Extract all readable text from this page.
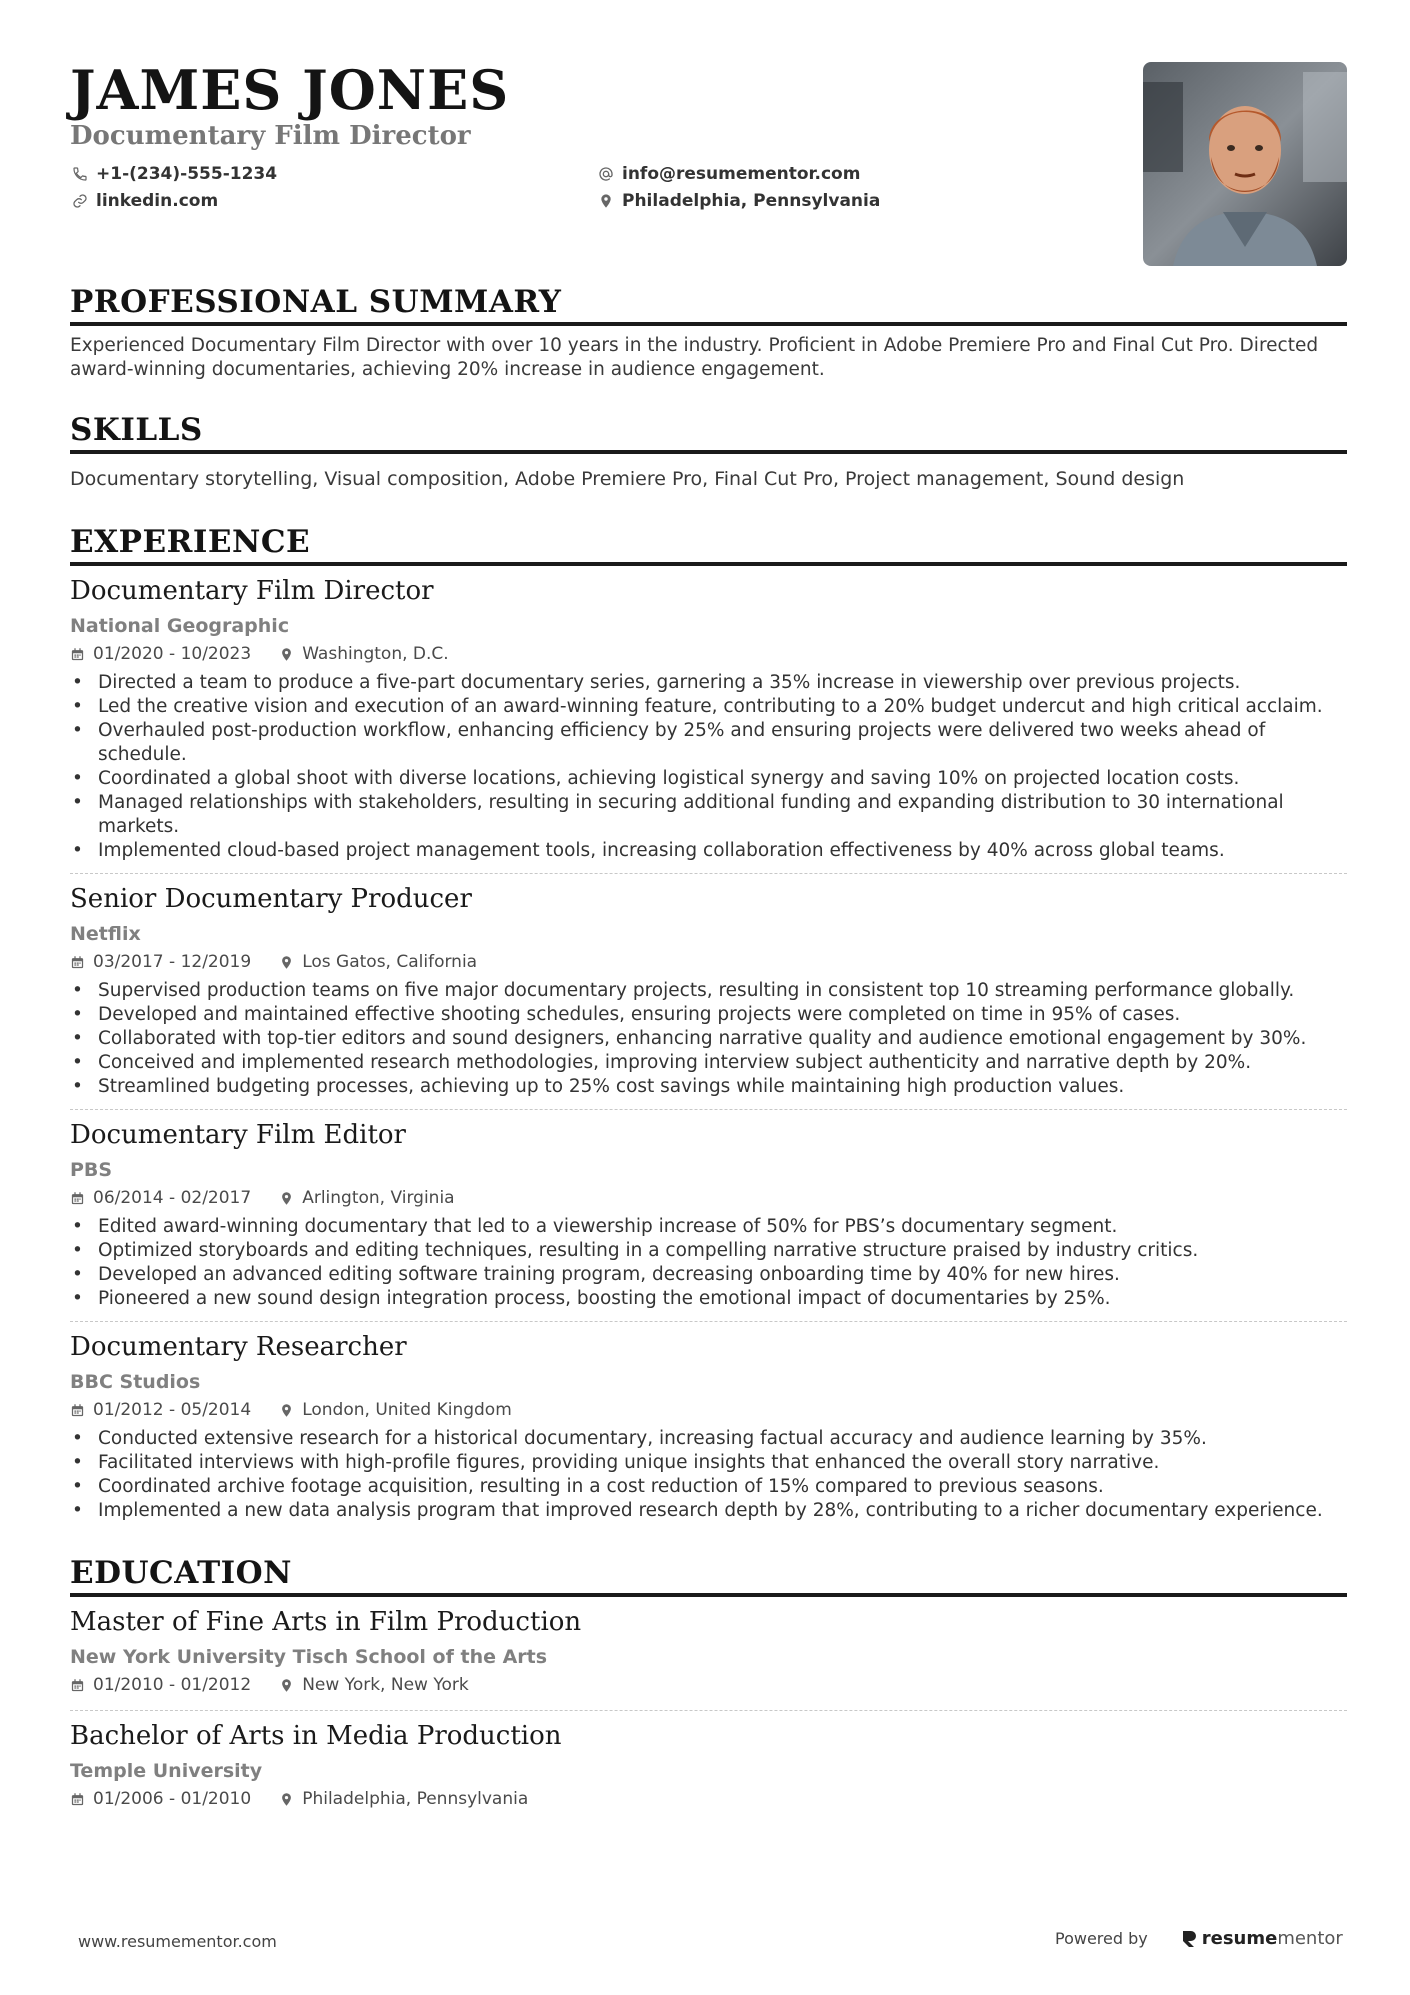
JAMES JONES
Documentary Film Director
+1-(234)-555-1234
linkedin.com
info@resumementor.com
Philadelphia, Pennsylvania
PROFESSIONAL SUMMARY
Experienced Documentary Film Director with over 10 years in the industry. Proficient in Adobe Premiere Pro and Final Cut Pro. Directed award-winning documentaries, achieving 20% increase in audience engagement.
SKILLS
Documentary storytelling, Visual composition, Adobe Premiere Pro, Final Cut Pro, Project management, Sound design
EXPERIENCE
Documentary Film Director
National Geographic
01/2020 - 10/2023	Washington, D.C.
• Directed a team to produce a five-part documentary series, garnering a 35% increase in viewership over previous projects.
• Led the creative vision and execution of an award-winning feature, contributing to a 20% budget undercut and high critical acclaim.
• Overhauled post-production workflow, enhancing efficiency by 25% and ensuring projects were delivered two weeks ahead of schedule.
• Coordinated a global shoot with diverse locations, achieving logistical synergy and saving 10% on projected location costs.
• Managed relationships with stakeholders, resulting in securing additional funding and expanding distribution to 30 international markets.
• Implemented cloud-based project management tools, increasing collaboration effectiveness by 40% across global teams.
Senior Documentary Producer
Netflix
03/2017 - 12/2019	Los Gatos, California
• Supervised production teams on five major documentary projects, resulting in consistent top 10 streaming performance globally.
• Developed and maintained effective shooting schedules, ensuring projects were completed on time in 95% of cases.
• Collaborated with top-tier editors and sound designers, enhancing narrative quality and audience emotional engagement by 30%.
• Conceived and implemented research methodologies, improving interview subject authenticity and narrative depth by 20%.
• Streamlined budgeting processes, achieving up to 25% cost savings while maintaining high production values.
Documentary Film Editor
PBS
06/2014 - 02/2017	Arlington, Virginia
• Edited award-winning documentary that led to a viewership increase of 50% for PBS’s documentary segment.
• Optimized storyboards and editing techniques, resulting in a compelling narrative structure praised by industry critics.
• Developed an advanced editing software training program, decreasing onboarding time by 40% for new hires.
• Pioneered a new sound design integration process, boosting the emotional impact of documentaries by 25%.
Documentary Researcher
BBC Studios
01/2012 - 05/2014	London, United Kingdom
• Conducted extensive research for a historical documentary, increasing factual accuracy and audience learning by 35%.
• Facilitated interviews with high-profile figures, providing unique insights that enhanced the overall story narrative.
• Coordinated archive footage acquisition, resulting in a cost reduction of 15% compared to previous seasons.
• Implemented a new data analysis program that improved research depth by 28%, contributing to a richer documentary experience.
EDUCATION
Master of Fine Arts in Film Production
New York University Tisch School of the Arts
01/2010 - 01/2012	New York, New York
Bachelor of Arts in Media Production
Temple University
01/2006 - 01/2010	Philadelphia, Pennsylvania
www.resumementor.com	Powered by	resume mentor
